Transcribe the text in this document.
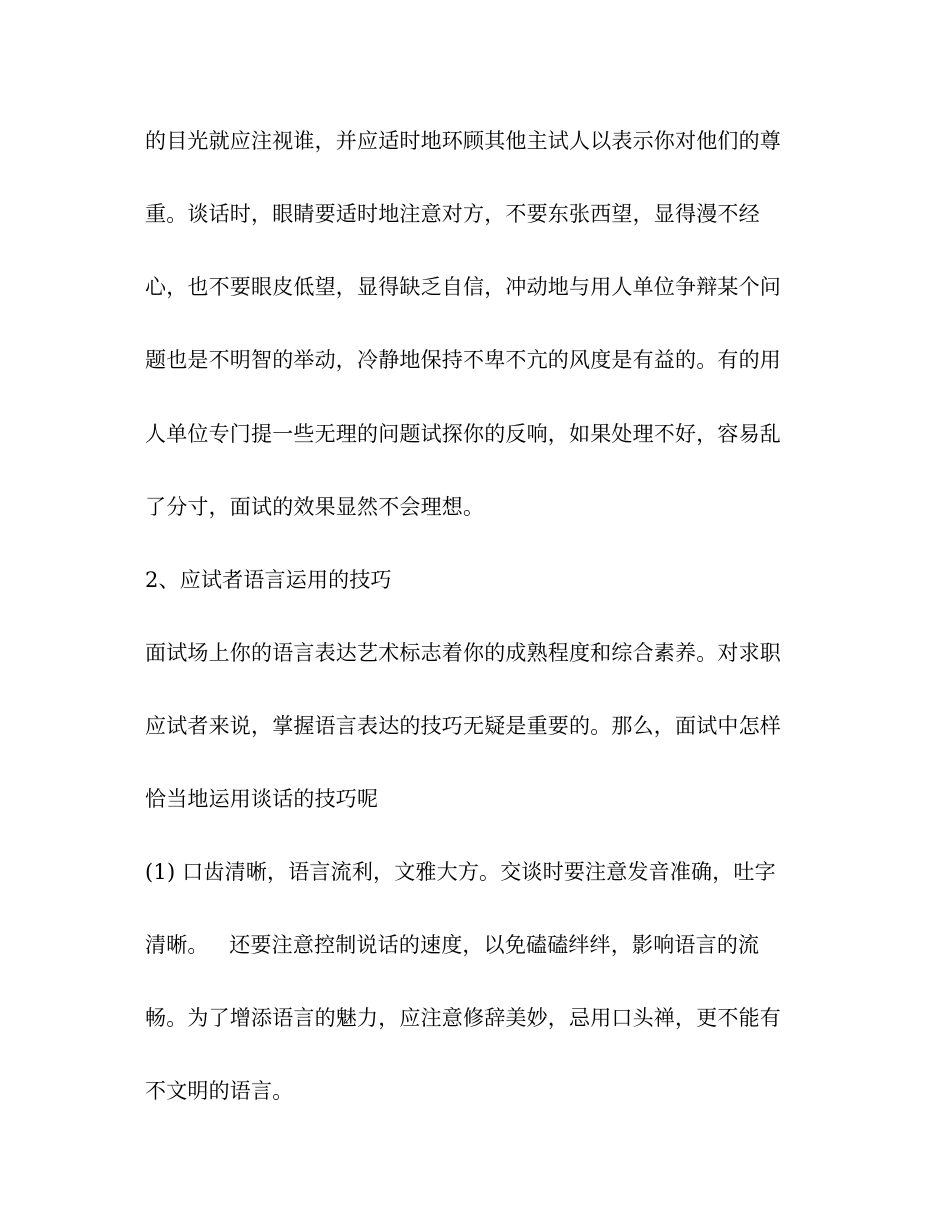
的目光就应注视谁，并应适时地环顾其他主试人以表示你对他们的尊
重。谈话时，眼睛要适时地注意对方，不要东张西望，显得漫不经
心，也不要眼皮低望，显得缺乏自信，冲动地与用人单位争辩某个问
题也是不明智的举动，冷静地保持不卑不亢的风度是有益的。有的用
人单位专门提一些无理的问题试探你的反响，如果处理不好，容易乱
了分寸，面试的效果显然不会理想。
2、应试者语言运用的技巧
面试场上你的语言表达艺术标志着你的成熟程度和综合素养。对求职
应试者来说，掌握语言表达的技巧无疑是重要的。那么，面试中怎样
恰当地运用谈话的技巧呢
(1) 口齿清晰，语言流利，文雅大方。交谈时要注意发音准确，吐字
清晰。   还要注意控制说话的速度，以免磕磕绊绊，影响语言的流
畅。为了增添语言的魅力，应注意修辞美妙，忌用口头禅，更不能有
不文明的语言。
